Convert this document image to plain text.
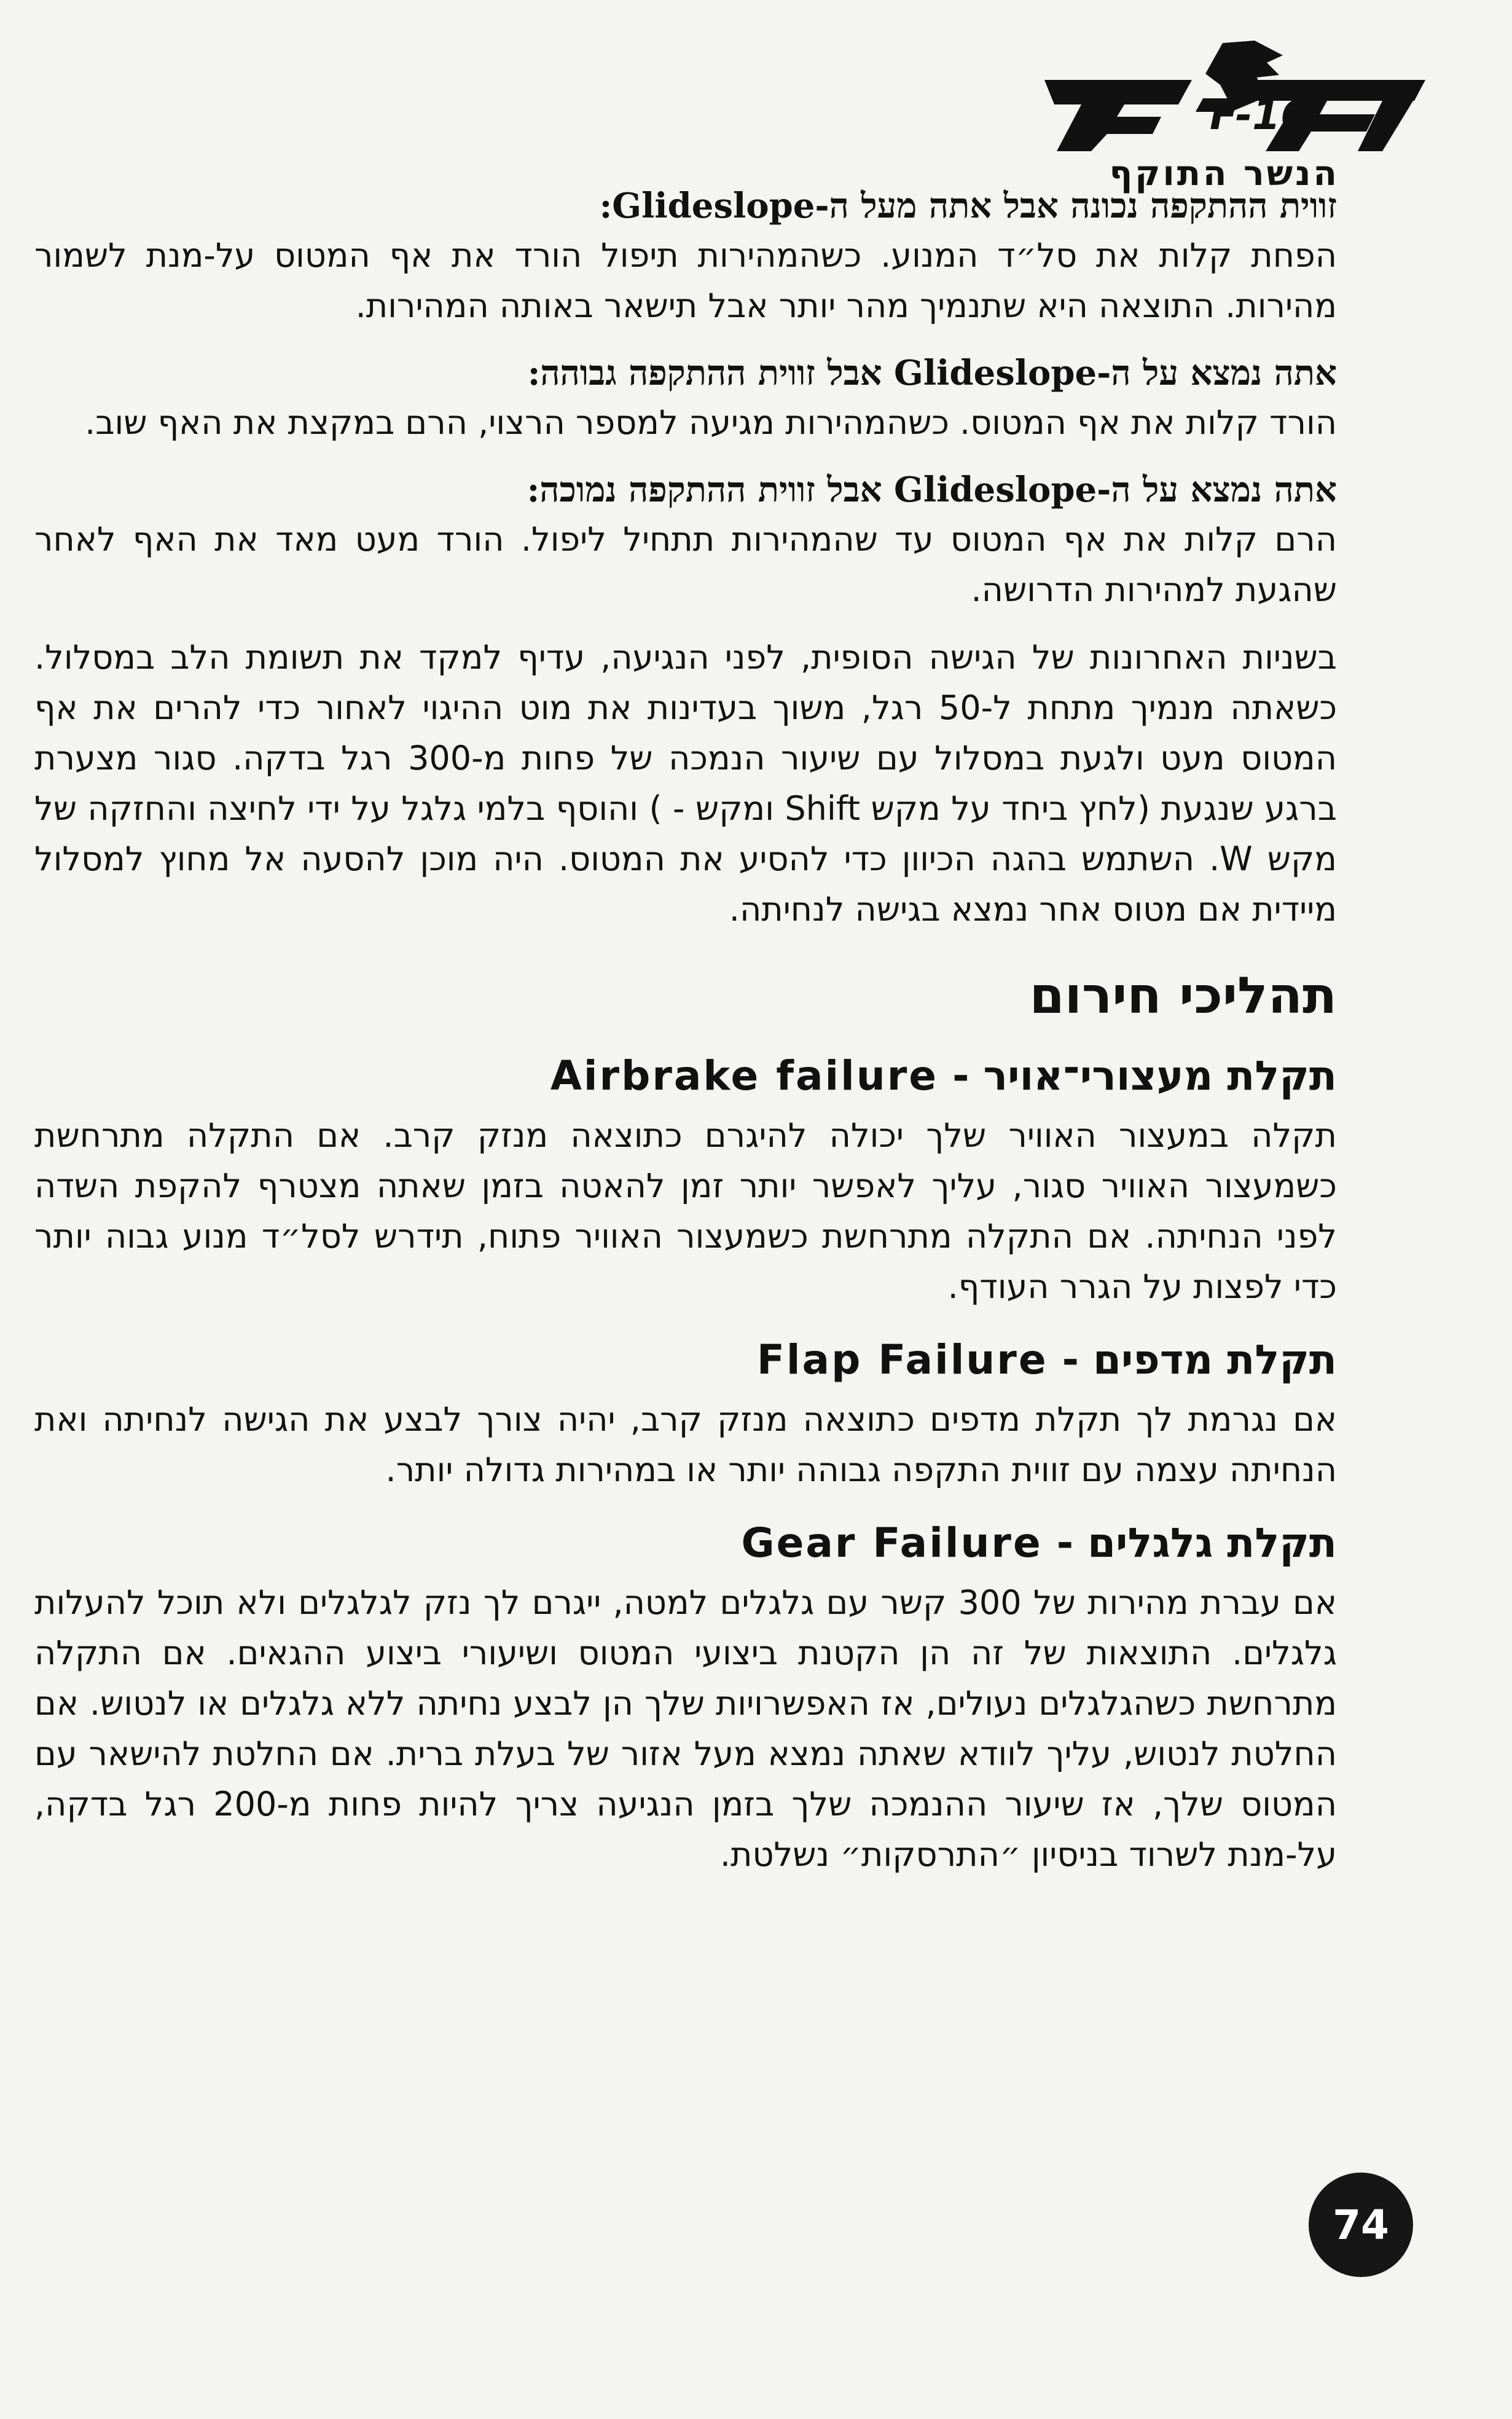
F-16
הנשר התוקף
זווית ההתקפה נכונה אבל אתה מעל ה-Glideslope:

הפחת קלות את סל״ד המנוע. כשהמהירות תיפול הורד את אף המטוס על-מנת לשמור מהירות. התוצאה היא שתנמיך מהר יותר אבל תישאר באותה המהירות.

אתה נמצא על ה-Glideslope אבל זווית ההתקפה גבוהה:

הורד קלות את אף המטוס. כשהמהירות מגיעה למספר הרצוי, הרם במקצת את האף שוב.

אתה נמצא על ה-Glideslope אבל זווית ההתקפה נמוכה:

הרם קלות את אף המטוס עד שהמהירות תתחיל ליפול. הורד מעט מאד את האף לאחר שהגעת למהירות הדרושה.

בשניות האחרונות של הגישה הסופית, לפני הנגיעה, עדיף למקד את תשומת הלב במסלול. כשאתה מנמיך מתחת ל-50 רגל, משוך בעדינות את מוט ההיגוי לאחור כדי להרים את אף המטוס מעט ולגעת במסלול עם שיעור הנמכה של פחות מ-300 רגל בדקה. סגור מצערת ברגע שנגעת (לחץ ביחד על מקש Shift ומקש - ) והוסף בלמי גלגל על ידי לחיצה והחזקה של מקש W. השתמש בהגה הכיוון כדי להסיע את המטוס. היה מוכן להסעה אל מחוץ למסלול מיידית אם מטוס אחר נמצא בגישה לנחיתה.

תהליכי חירום
תקלת מעצורי־אויר - Airbrake failure

תקלה במעצור האוויר שלך יכולה להיגרם כתוצאה מנזק קרב. אם התקלה מתרחשת כשמעצור האוויר סגור, עליך לאפשר יותר זמן להאטה בזמן שאתה מצטרף להקפת השדה לפני הנחיתה. אם התקלה מתרחשת כשמעצור האוויר פתוח, תידרש לסל״ד מנוע גבוה יותר כדי לפצות על הגרר העודף.

תקלת מדפים - Flap Failure

אם נגרמת לך תקלת מדפים כתוצאה מנזק קרב, יהיה צורך לבצע את הגישה לנחיתה ואת הנחיתה עצמה עם זווית התקפה גבוהה יותר או במהירות גדולה יותר.

תקלת גלגלים - Gear Failure

אם עברת מהירות של 300 קשר עם גלגלים למטה, ייגרם לך נזק לגלגלים ולא תוכל להעלות גלגלים. התוצאות של זה הן הקטנת ביצועי המטוס ושיעורי ביצוע ההגאים. אם התקלה מתרחשת כשהגלגלים נעולים, אז האפשרויות שלך הן לבצע נחיתה ללא גלגלים או לנטוש. אם החלטת לנטוש, עליך לוודא שאתה נמצא מעל אזור של בעלת ברית. אם החלטת להישאר עם המטוס שלך, אז שיעור ההנמכה שלך בזמן הנגיעה צריך להיות פחות מ-200 רגל בדקה, על-מנת לשרוד בניסיון ״התרסקות״ נשלטת.

74
